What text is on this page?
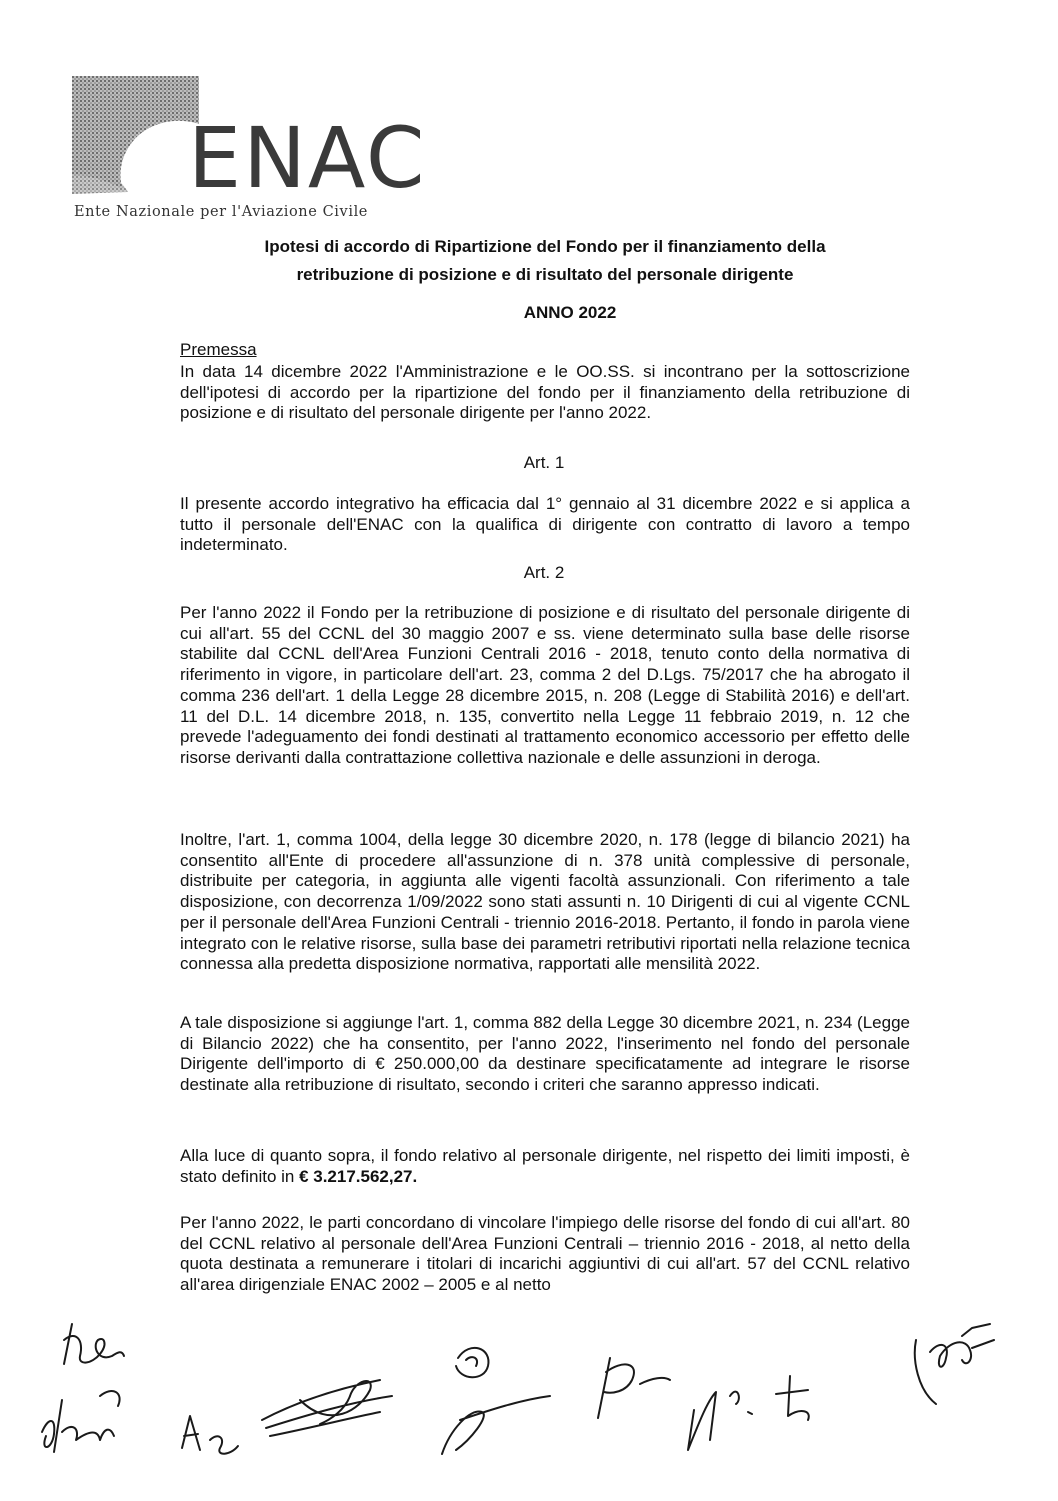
ENAC
Ente Nazionale per l'Aviazione Civile
Ipotesi di accordo di Ripartizione del Fondo per il finanziamento della
retribuzione di posizione e di risultato del personale dirigente
ANNO 2022
Premessa
In data 14 dicembre 2022 l'Amministrazione e le OO.SS. si incontrano per la sottoscrizione dell'ipotesi di accordo per la ripartizione del fondo per il finanziamento della retribuzione di posizione e di risultato del personale dirigente per l'anno 2022.
Art. 1
Il presente accordo integrativo ha efficacia dal 1° gennaio al 31 dicembre 2022 e si applica a tutto il personale dell'ENAC con la qualifica di dirigente con contratto di lavoro a tempo indeterminato.
Art. 2
Per l'anno 2022 il Fondo per la retribuzione di posizione e di risultato del personale dirigente di cui all'art. 55 del CCNL del 30 maggio 2007 e ss. viene determinato sulla base delle risorse stabilite dal CCNL dell'Area Funzioni Centrali 2016 - 2018, tenuto conto della normativa di riferimento in vigore, in particolare dell'art. 23, comma 2 del D.Lgs. 75/2017 che ha abrogato il comma 236 dell'art. 1 della Legge 28 dicembre 2015, n. 208 (Legge di Stabilità 2016) e dell'art. 11 del D.L. 14 dicembre 2018, n. 135, convertito nella Legge 11 febbraio 2019, n. 12 che prevede l'adeguamento dei fondi destinati al trattamento economico accessorio per effetto delle risorse derivanti dalla contrattazione collettiva nazionale e delle assunzioni in deroga.
Inoltre, l'art. 1, comma 1004, della legge 30 dicembre 2020, n. 178 (legge di bilancio 2021) ha consentito all'Ente di procedere all'assunzione di n. 378 unità complessive di personale, distribuite per categoria, in aggiunta alle vigenti facoltà assunzionali. Con riferimento a tale disposizione, con decorrenza 1/09/2022 sono stati assunti n. 10 Dirigenti di cui al vigente CCNL per il personale dell'Area Funzioni Centrali - triennio 2016-2018. Pertanto, il fondo in parola viene integrato con le relative risorse, sulla base dei parametri retributivi riportati nella relazione tecnica connessa alla predetta disposizione normativa, rapportati alle mensilità 2022.
A tale disposizione si aggiunge l'art. 1, comma 882 della Legge 30 dicembre 2021, n. 234 (Legge di Bilancio 2022) che ha consentito, per l'anno 2022, l'inserimento nel fondo del personale Dirigente dell'importo di € 250.000,00 da destinare specificatamente ad integrare le risorse destinate alla retribuzione di risultato, secondo i criteri che saranno appresso indicati.
Alla luce di quanto sopra, il fondo relativo al personale dirigente, nel rispetto dei limiti imposti, è stato definito in € 3.217.562,27.
Per l'anno 2022, le parti concordano di vincolare l'impiego delle risorse del fondo di cui all'art. 80 del CCNL relativo al personale dell'Area Funzioni Centrali – triennio 2016 - 2018, al netto della quota destinata a remunerare i titolari di incarichi aggiuntivi di cui all'art. 57 del CCNL relativo all'area dirigenziale ENAC 2002 – 2005 e al netto
